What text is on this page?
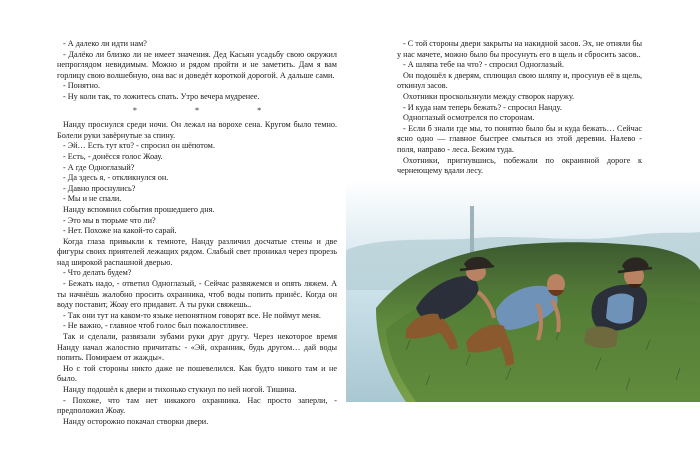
- А далеко ли идти нам?

- Далёко ли близко ли не имеет значения. Дед Касьян усадьбу свою окружил непроглядом невидимым. Можно и рядом пройти и не заметить. Дам я вам горлицу свою волшебную, она вас и доведёт короткой дорогой. А дальше сами.

- Понятно.

- Ну коли так, то ложитесь спать. Утро вечера мудренее.

* * *

Нанду проснулся среди ночи. Он лежал на ворохе сена. Кругом было темно. Болели руки завёрнутые за спину.

- Эй… Есть тут кто? - спросил он шёпотом.

- Есть, - донёсся голос Жоау.

- А где Одноглазый?

- Да здесь я, - откликнулся он.

- Давно проснулись?

- Мы и не спали.

Нанду вспомнил события прошедшего дня.

- Это мы в тюрьме что ли?

- Нет. Похоже на какой-то сарай.

Когда глаза привыкли к темноте, Нанду различил досчатые стены и две фигуры своих приятелей лежащих рядом. Слабый свет проникал через прорезь над широкой распашной дверью.

- Что делать будем?

- Бежать надо, - ответил Одноглазый, - Сейчас развяжемся и опять ляжем. А ты начнёшь жалобно просить охранника, чтоб воды попить принёс. Когда он воду поставит, Жоау его придавит. А ты руки свяжешь..

- Так они тут на каком-то языке непонятном говорят все. Не поймут меня.

- Не важно, - главное чтоб голос был пожалостливее.

Так и сделали, развязали зубами руки друг другу. Через некоторое время Нанду начал жалостно причитать: - «Эй, охранник, будь другом… дай воды попить. Помираем от жажды».

Но с той стороны никто даже не пошевелился. Как будто никого там и не было.

Нанду подошёл к двери и тихонько стукнул по ней ногой. Тишина.

- Похоже, что там нет никакого охранника. Нас просто заперли, - предположил Жоау.

Нанду осторожно покачал створки двери.

- С той стороны двери закрыты на накидной засов. Эх, не отняли бы у нас мачете, можно было бы просунуть его в щель и сбросить засов..

- А шляпа тебе на что? - спросил Одноглазый.

Он подошёл к дверям, сплющил свою шляпу и, просунув её в щель, откинул засов.

Охотники проскользнули между створок наружу.

- И куда нам теперь бежать? - спросил Нанду.

Одноглазый осмотрелся по сторонам.

- Если б знали где мы, то понятно было бы и куда бежать… Сейчас ясно одно — главное быстрее смыться из этой деревни. Налево - поля, направо - леса. Бежим туда.

Охотники, пригнувшись, побежали по окраинной дороге к чернеющему вдали лесу.
